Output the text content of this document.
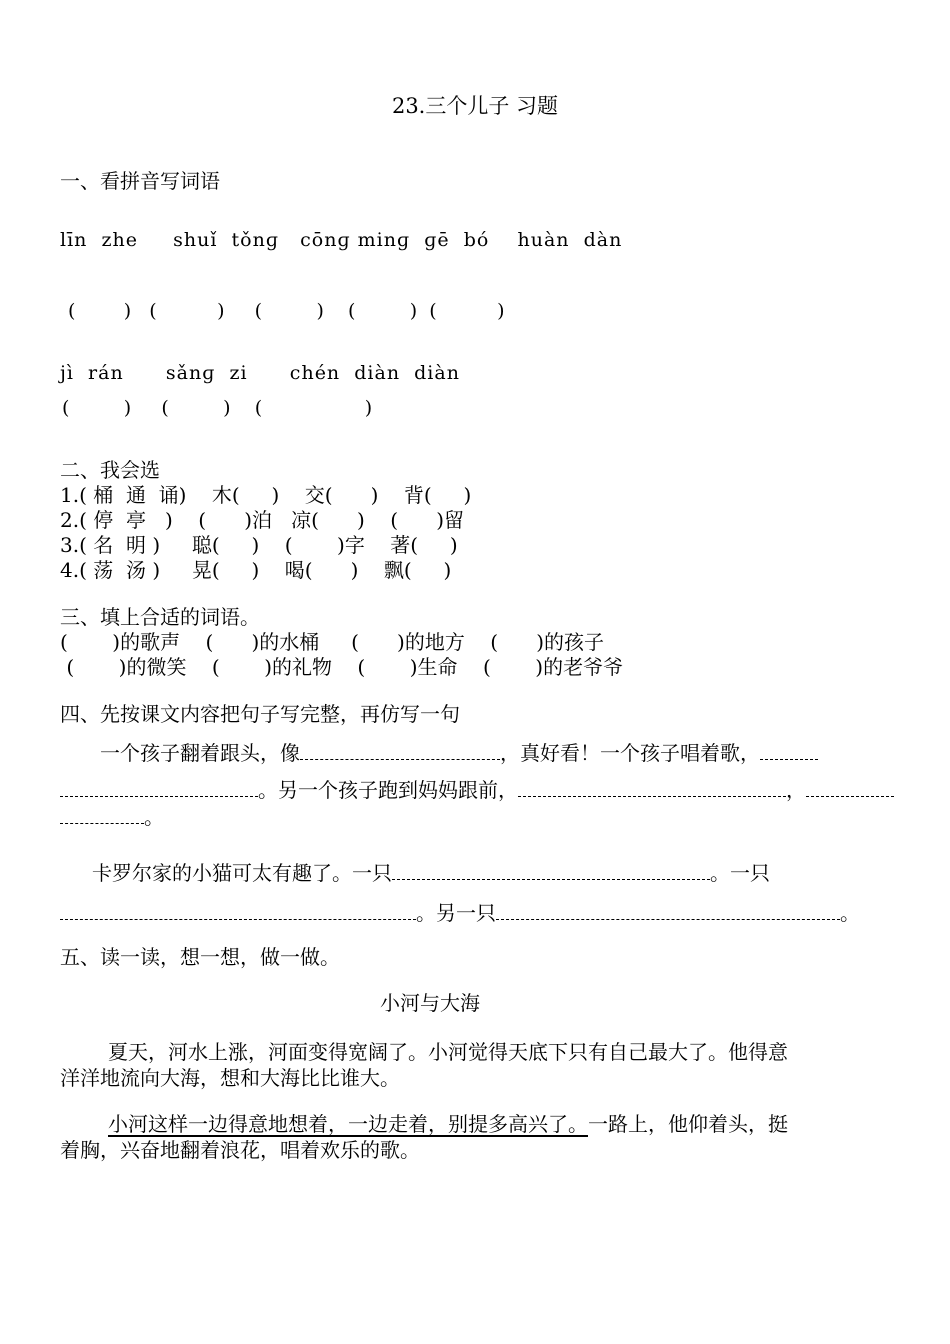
23.三个儿子 习题
一、看拼音写词语
līn  zhe     shuǐ  tǒnɡ   cōnɡ minɡ  ɡē  bó    huàn  dàn
(        )   (          )     (         )    (         )  (          )
jì  rán      sǎnɡ  zi      chén  diàn  diàn
(         )     (         )    (                 )
二、我会选
1.( 桶  通  诵)    木(     )    交(      )    背(     )
2.( 停  亭   )    (      )泊   凉(      )    (      )留
3.( 名  明 )     聪(     )    (       )字    著(     )
4.( 荡  汤 )     晃(     )    喝(      )    飘(     )
三、填上合适的词语。
(       )的歌声    (      )的水桶     (      )的地方    (      )的孩子
(       )的微笑    (       )的礼物    (       )生命    (       )的老爷爷
四、先按课文内容把句子写完整，再仿写一句
一个孩子翻着跟头，像	，真好看！一个孩子唱着歌，
。另一个孩子跑到妈妈跟前，	，
。
卡罗尔家的小猫可太有趣了。一只	。一只
。另一只	。
五、读一读，想一想，做一做。
小河与大海
夏天，河水上涨，河面变得宽阔了。小河觉得天底下只有自己最大了。他得意
洋洋地流向大海，想和大海比比谁大。
小河这样一边得意地想着，一边走着，别提多高兴了。一路上，他仰着头，挺
着胸，兴奋地翻着浪花，唱着欢乐的歌。
